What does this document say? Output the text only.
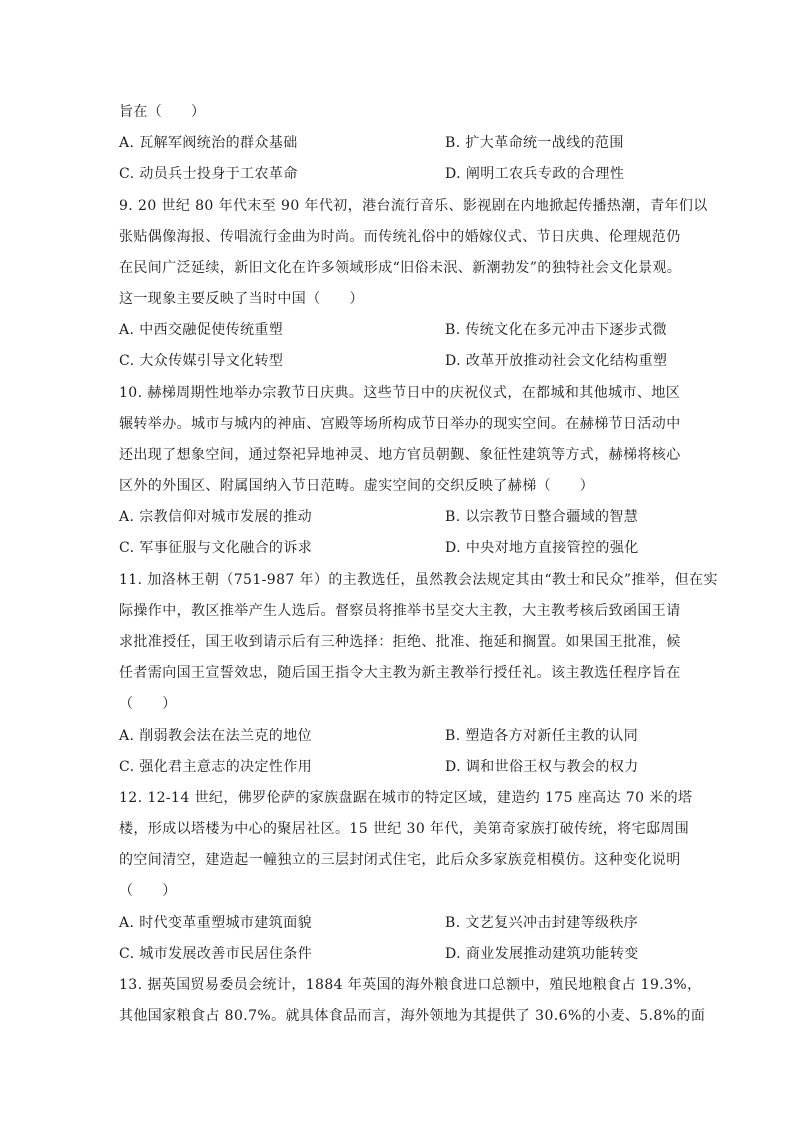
旨在（　　）
A. 瓦解军阀统治的群众基础	B. 扩大革命统一战线的范围
C. 动员兵士投身于工农革命	D. 阐明工农兵专政的合理性
9. 20 世纪 80 年代末至 90 年代初，港台流行音乐、影视剧在内地掀起传播热潮，青年们以
张贴偶像海报、传唱流行金曲为时尚。而传统礼俗中的婚嫁仪式、节日庆典、伦理规范仍
在民间广泛延续，新旧文化在许多领域形成“旧俗未泯、新潮勃发”的独特社会文化景观。
这一现象主要反映了当时中国（　　）
A. 中西交融促使传统重塑	B. 传统文化在多元冲击下逐步式微
C. 大众传媒引导文化转型	D. 改革开放推动社会文化结构重塑
10. 赫梯周期性地举办宗教节日庆典。这些节日中的庆祝仪式，在都城和其他城市、地区
辗转举办。城市与城内的神庙、宫殿等场所构成节日举办的现实空间。在赫梯节日活动中
还出现了想象空间，通过祭祀异地神灵、地方官员朝觐、象征性建筑等方式，赫梯将核心
区外的外围区、附属国纳入节日范畴。虚实空间的交织反映了赫梯（　　）
A. 宗教信仰对城市发展的推动	B. 以宗教节日整合疆域的智慧
C. 军事征服与文化融合的诉求	D. 中央对地方直接管控的强化
11. 加洛林王朝（751-987 年）的主教选任，虽然教会法规定其由“教士和民众”推举，但在实
际操作中，教区推举产生人选后。督察员将推举书呈交大主教，大主教考核后致函国王请
求批准授任，国王收到请示后有三种选择：拒绝、批准、拖延和搁置。如果国王批准，候
任者需向国王宣誓效忠，随后国王指令大主教为新主教举行授任礼。该主教选任程序旨在
（　　）
A. 削弱教会法在法兰克的地位	B. 塑造各方对新任主教的认同
C. 强化君主意志的决定性作用	D. 调和世俗王权与教会的权力
12. 12-14 世纪，佛罗伦萨的家族盘踞在城市的特定区域，建造约 175 座高达 70 米的塔
楼，形成以塔楼为中心的聚居社区。15 世纪 30 年代，美第奇家族打破传统，将宅邸周围
的空间清空，建造起一幢独立的三层封闭式住宅，此后众多家族竞相模仿。这种变化说明
（　　）
A. 时代变革重塑城市建筑面貌	B. 文艺复兴冲击封建等级秩序
C. 城市发展改善市民居住条件	D. 商业发展推动建筑功能转变
13. 据英国贸易委员会统计，1884 年英国的海外粮食进口总额中，殖民地粮食占 19.3%，
其他国家粮食占 80.7%。就具体食品而言，海外领地为其提供了 30.6%的小麦、5.8%的面
